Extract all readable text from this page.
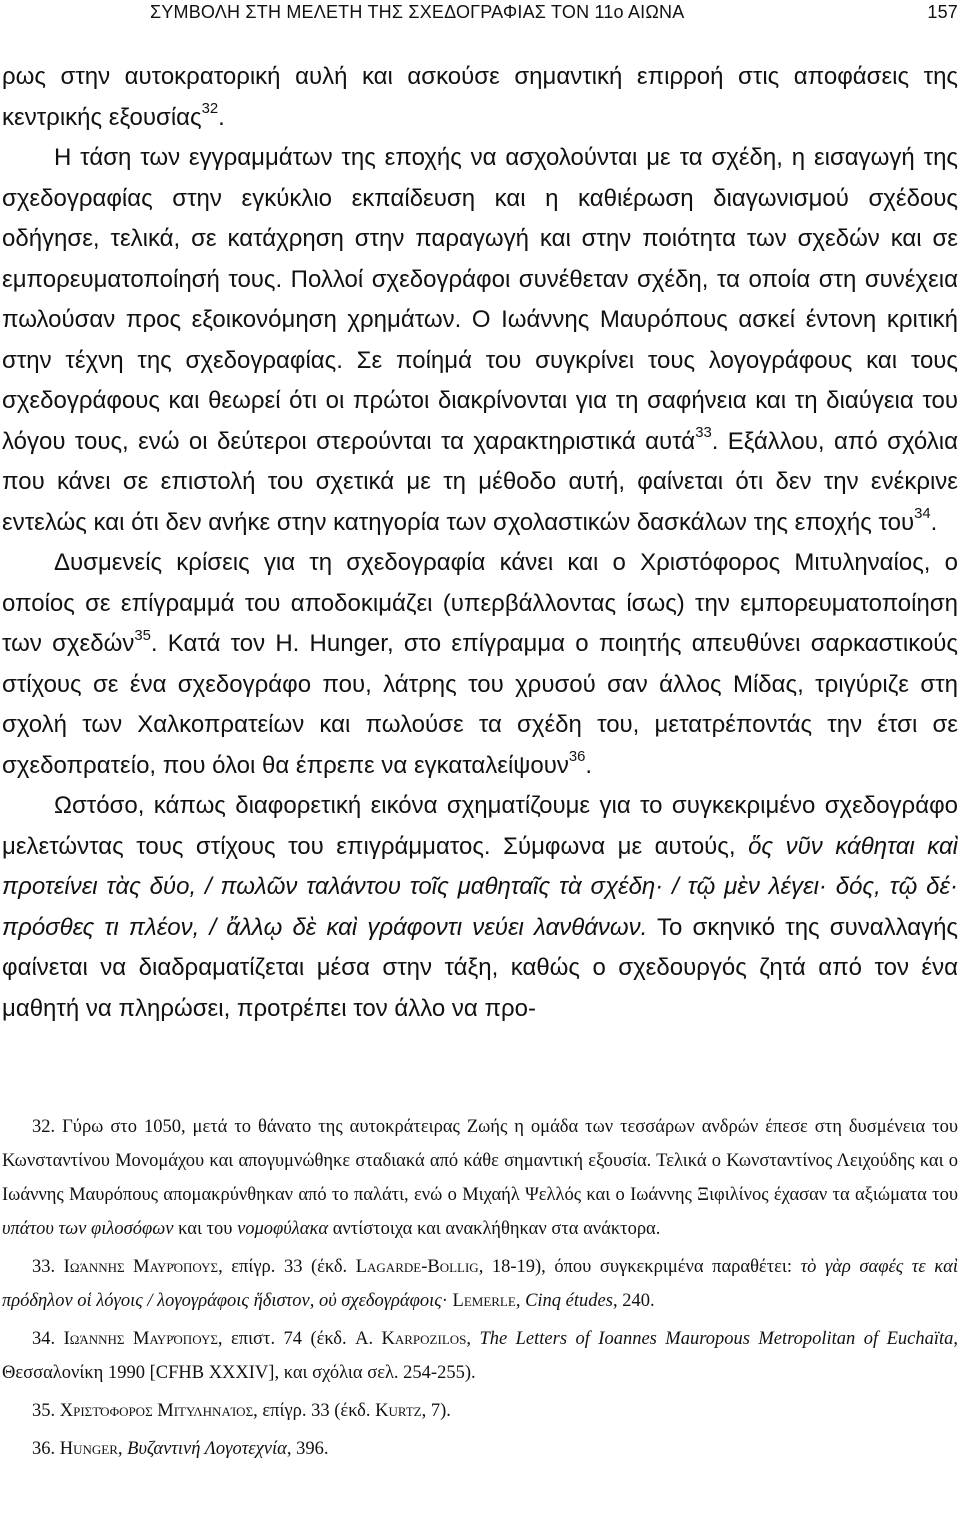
ΣΥΜΒΟΛΗ ΣΤΗ ΜΕΛΕΤΗ ΤΗΣ ΣΧΕΔΟΓΡΑΦΙΑΣ ΤΟΝ 11ο ΑΙΩΝΑ	157

ρως στην αυτοκρατορική αυλή και ασκούσε σημαντική επιρροή στις αποφάσεις της κεντρικής εξουσίας$^{32}$.

Η τάση των εγγραμμάτων της εποχής να ασχολούνται με τα σχέδη, η εισαγωγή της σχεδογραφίας στην εγκύκλιο εκπαίδευση και η καθιέρωση διαγωνισμού σχέδους οδήγησε, τελικά, σε κατάχρηση στην παραγωγή και στην ποιότητα των σχεδών και σε εμπορευματοποίησή τους. Πολλοί σχεδογράφοι συνέθεταν σχέδη, τα οποία στη συνέχεια πωλούσαν προς εξοικονόμηση χρημάτων. Ο Ιωάννης Μαυρόπους ασκεί έντονη κριτική στην τέχνη της σχεδογραφίας. Σε ποίημά του συγκρίνει τους λογογράφους και τους σχεδογράφους και θεωρεί ότι οι πρώτοι διακρίνονται για τη σαφήνεια και τη διαύγεια του λόγου τους, ενώ οι δεύτεροι στερούνται τα χαρακτηριστικά αυτά$^{33}$. Εξάλλου, από σχόλια που κάνει σε επιστολή του σχετικά με τη μέθοδο αυτή, φαίνεται ότι δεν την ενέκρινε εντελώς και ότι δεν ανήκε στην κατηγορία των σχολαστικών δασκάλων της εποχής του$^{34}$.

Δυσμενείς κρίσεις για τη σχεδογραφία κάνει και ο Χριστόφορος Μιτυληναίος, ο οποίος σε επίγραμμά του αποδοκιμάζει (υπερβάλλοντας ίσως) την εμπορευματοποίηση των σχεδών$^{35}$. Κατά τον H. Hunger, στο επίγραμμα ο ποιητής απευθύνει σαρκαστικούς στίχους σε ένα σχεδογράφο που, λάτρης του χρυσού σαν άλλος Μίδας, τριγύριζε στη σχολή των Χαλκοπρατείων και πωλούσε τα σχέδη του, μετατρέποντάς την έτσι σε σχεδοπρατείο, που όλοι θα έπρεπε να εγκαταλείψουν$^{36}$.

Ωστόσο, κάπως διαφορετική εικόνα σχηματίζουμε για το συγκεκριμένο σχεδογράφο μελετώντας τους στίχους του επιγράμματος. Σύμφωνα με αυτούς, ὅς νῦν κάθηται καὶ προτείνει τὰς δύο, / πωλῶν ταλάντου τοῖς μαθηταῖς τὰ σχέδη· / τῷ μὲν λέγει· δός, τῷ δέ· πρόσθες τι πλέον, / ἄλλῳ δὲ καὶ γράφοντι νεύει λανθάνων. Το σκηνικό της συναλλαγής φαίνεται να διαδραματίζεται μέσα στην τάξη, καθώς ο σχεδουργός ζητά από τον ένα μαθητή να πληρώσει, προτρέπει τον άλλο να προ-

32. Γύρω στο 1050, μετά το θάνατο της αυτοκράτειρας Ζωής η ομάδα των τεσσάρων ανδρών έπεσε στη δυσμένεια του Κωνσταντίνου Μονομάχου και απογυμνώθηκε σταδιακά από κάθε σημαντική εξουσία. Τελικά ο Κωνσταντίνος Λειχούδης και ο Ιωάννης Μαυρόπους απομακρύνθηκαν από το παλάτι, ενώ ο Μιχαήλ Ψελλός και ο Ιωάννης Ξιφιλίνος έχασαν τα αξιώματα του υπάτου των φιλοσόφων και του νομοφύλακα αντίστοιχα και ανακλήθηκαν στα ανάκτορα.

33. Ιωάννης Μαυρόπους, επίγρ. 33 (έκδ. Lagarde-Bollig, 18-19), όπου συγκεκριμένα παραθέτει: τὸ γὰρ σαφές τε καὶ πρόδηλον οἱ λόγοις / λογογράφοις ἥδιστον, οὐ σχεδογράφοις· Lemerle, Cinq études, 240.

34. Ιωάννης Μαυρόπους, επιστ. 74 (έκδ. A. Karpozilos, The Letters of Ioannes Mauropous Metropolitan of Euchaïta, Θεσσαλονίκη 1990 [CFHB XXXIV], και σχόλια σελ. 254-255).

35. Χριστόφορος Μιτυληναίος, επίγρ. 33 (έκδ. Kurtz, 7).

36. Hunger, Βυζαντινή Λογοτεχνία, 396.
